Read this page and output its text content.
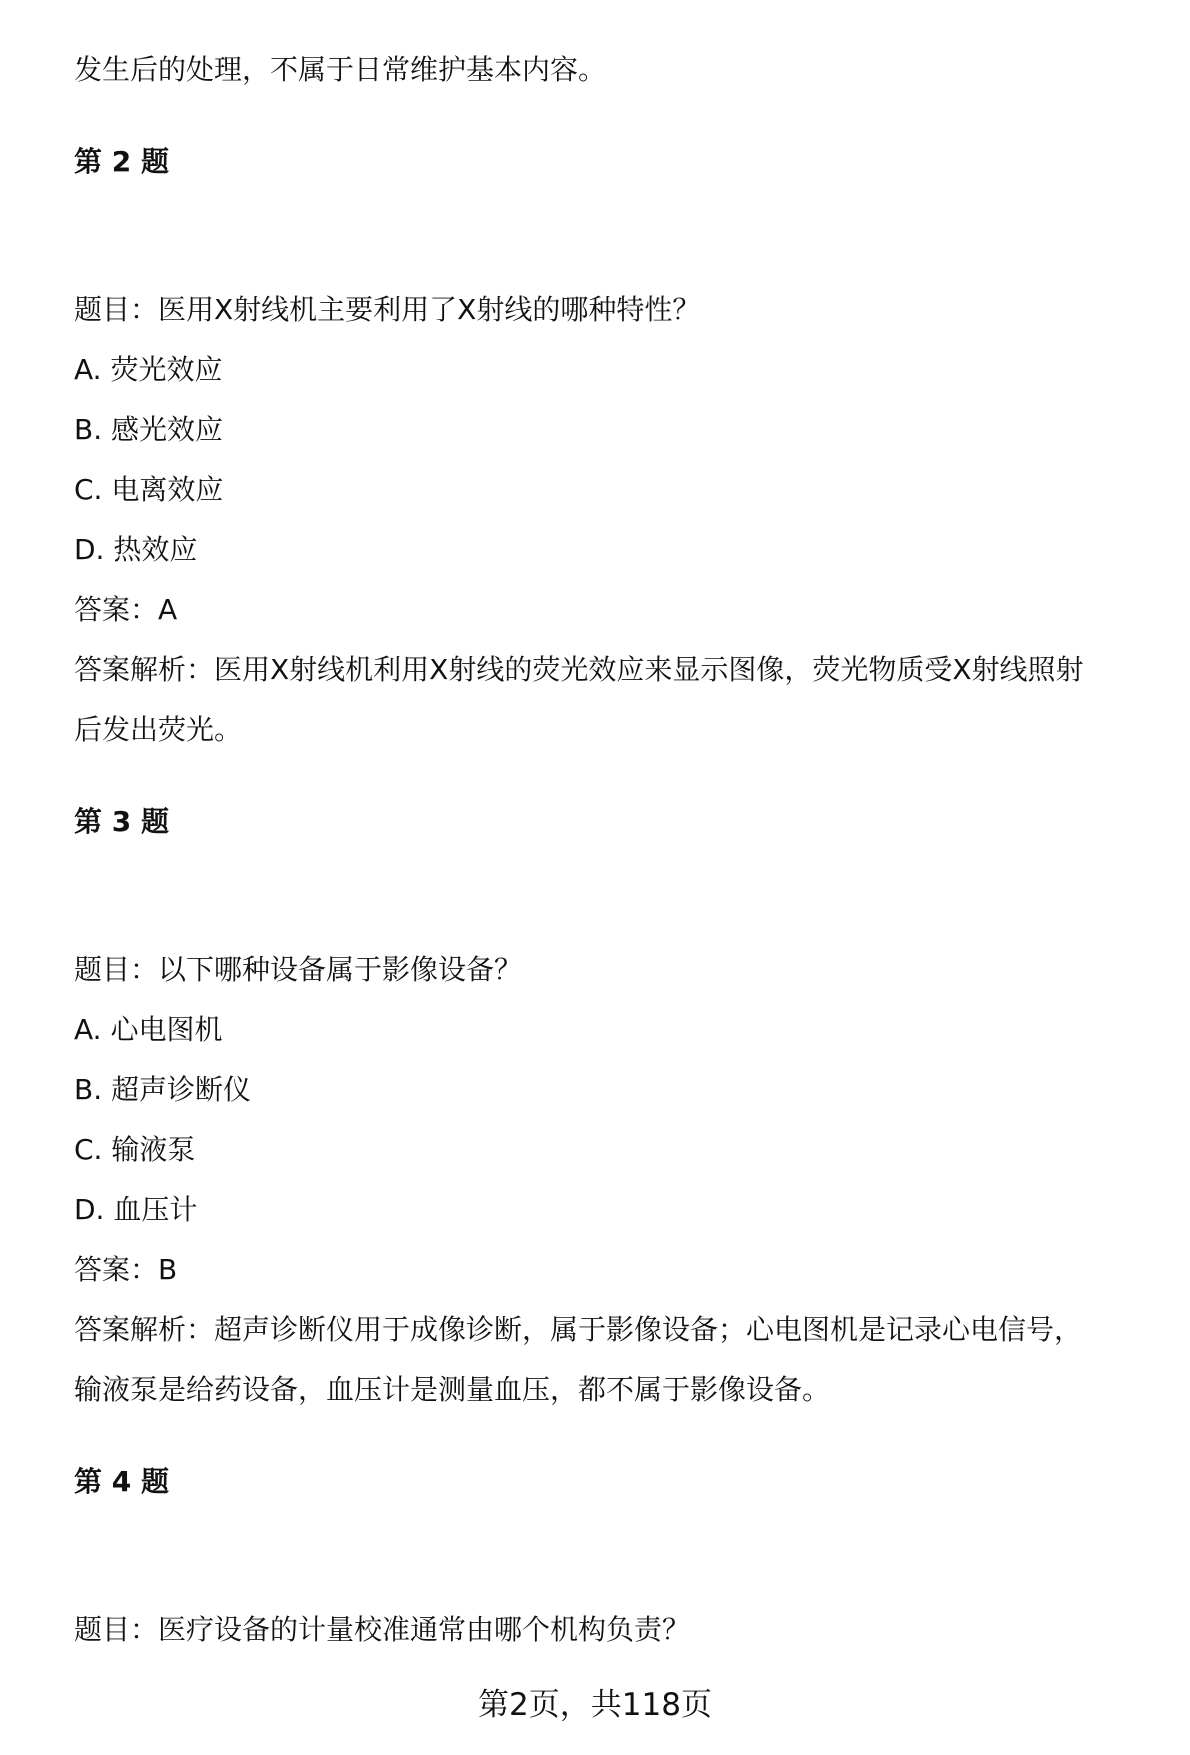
发生后的处理，不属于日常维护基本内容。
第 2 题
题目：医用X射线机主要利用了X射线的哪种特性？
A. 荧光效应
B. 感光效应
C. 电离效应
D. 热效应
答案：A
答案解析：医用X射线机利用X射线的荧光效应来显示图像，荧光物质受X射线照射
后发出荧光。
第 3 题
题目：以下哪种设备属于影像设备？
A. 心电图机
B. 超声诊断仪
C. 输液泵
D. 血压计
答案：B
答案解析：超声诊断仪用于成像诊断，属于影像设备；心电图机是记录心电信号，
输液泵是给药设备，血压计是测量血压，都不属于影像设备。
第 4 题
题目：医疗设备的计量校准通常由哪个机构负责？
第2页，共118页
